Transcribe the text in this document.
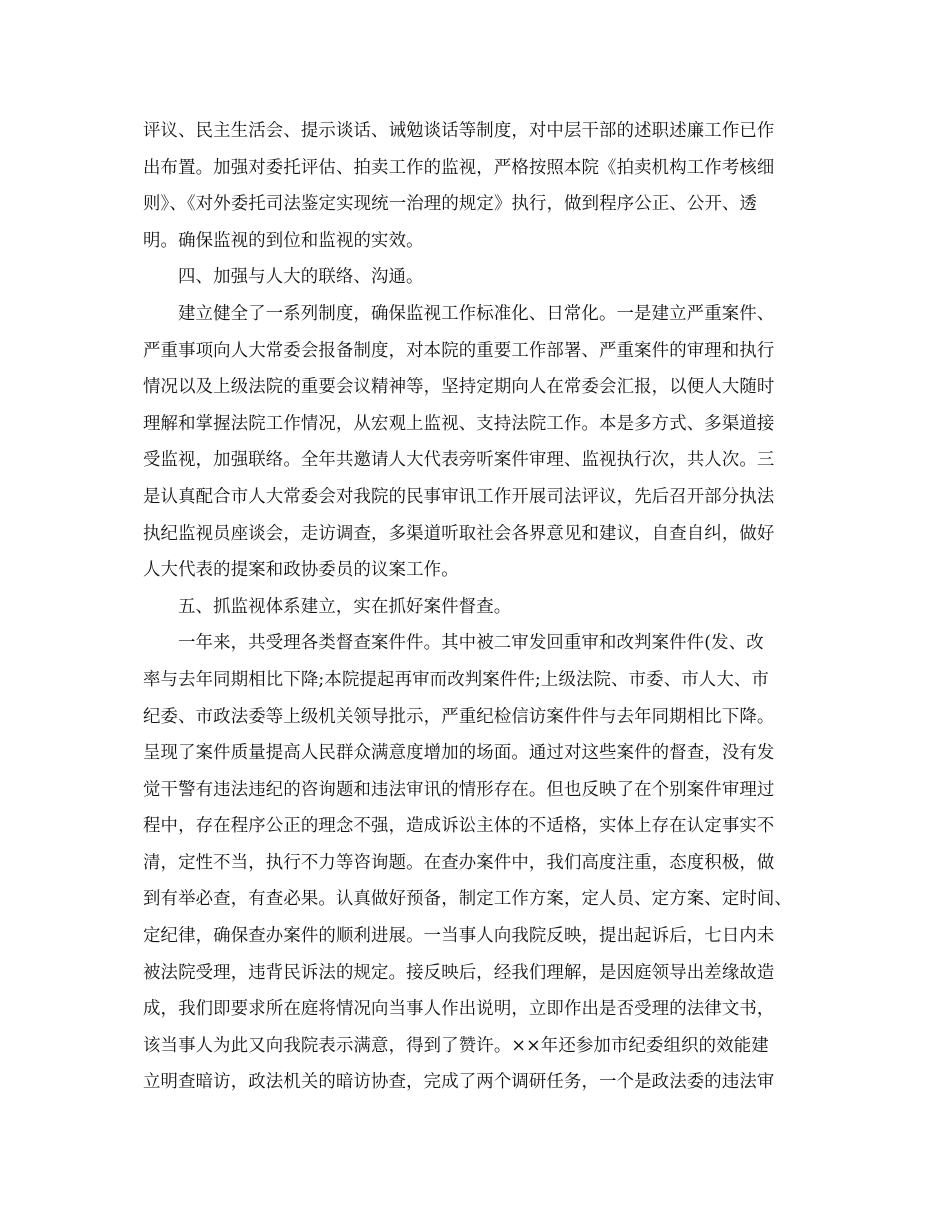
评议、民主生活会、提示谈话、诫勉谈话等制度，对中层干部的述职述廉工作已作
出布置。加强对委托评估、拍卖工作的监视，严格按照本院《拍卖机构工作考核细
则》、《对外委托司法鉴定实现统一治理的规定》执行，做到程序公正、公开、透
明。确保监视的到位和监视的实效。
四、加强与人大的联络、沟通。
建立健全了一系列制度，确保监视工作标准化、日常化。一是建立严重案件、
严重事项向人大常委会报备制度，对本院的重要工作部署、严重案件的审理和执行
情况以及上级法院的重要会议精神等，坚持定期向人在常委会汇报，以便人大随时
理解和掌握法院工作情况，从宏观上监视、支持法院工作。本是多方式、多渠道接
受监视，加强联络。全年共邀请人大代表旁听案件审理、监视执行次，共人次。三
是认真配合市人大常委会对我院的民事审讯工作开展司法评议，先后召开部分执法
执纪监视员座谈会，走访调查，多渠道听取社会各界意见和建议，自查自纠，做好
人大代表的提案和政协委员的议案工作。
五、抓监视体系建立，实在抓好案件督查。
一年来，共受理各类督查案件件。其中被二审发回重审和改判案件件(发、改
率与去年同期相比下降;本院提起再审而改判案件件;上级法院、市委、市人大、市
纪委、市政法委等上级机关领导批示，严重纪检信访案件件与去年同期相比下降。
呈现了案件质量提高人民群众满意度增加的场面。通过对这些案件的督查，没有发
觉干警有违法违纪的咨询题和违法审讯的情形存在。但也反映了在个别案件审理过
程中，存在程序公正的理念不强，造成诉讼主体的不适格，实体上存在认定事实不
清，定性不当，执行不力等咨询题。在查办案件中，我们高度注重，态度积极，做
到有举必查，有查必果。认真做好预备，制定工作方案，定人员、定方案、定时间、
定纪律，确保查办案件的顺利进展。一当事人向我院反映，提出起诉后，七日内未
被法院受理，违背民诉法的规定。接反映后，经我们理解，是因庭领导出差缘故造
成，我们即要求所在庭将情况向当事人作出说明，立即作出是否受理的法律文书，
该当事人为此又向我院表示满意，得到了赞许。××年还参加市纪委组织的效能建
立明查暗访，政法机关的暗访协查，完成了两个调研任务，一个是政法委的违法审
